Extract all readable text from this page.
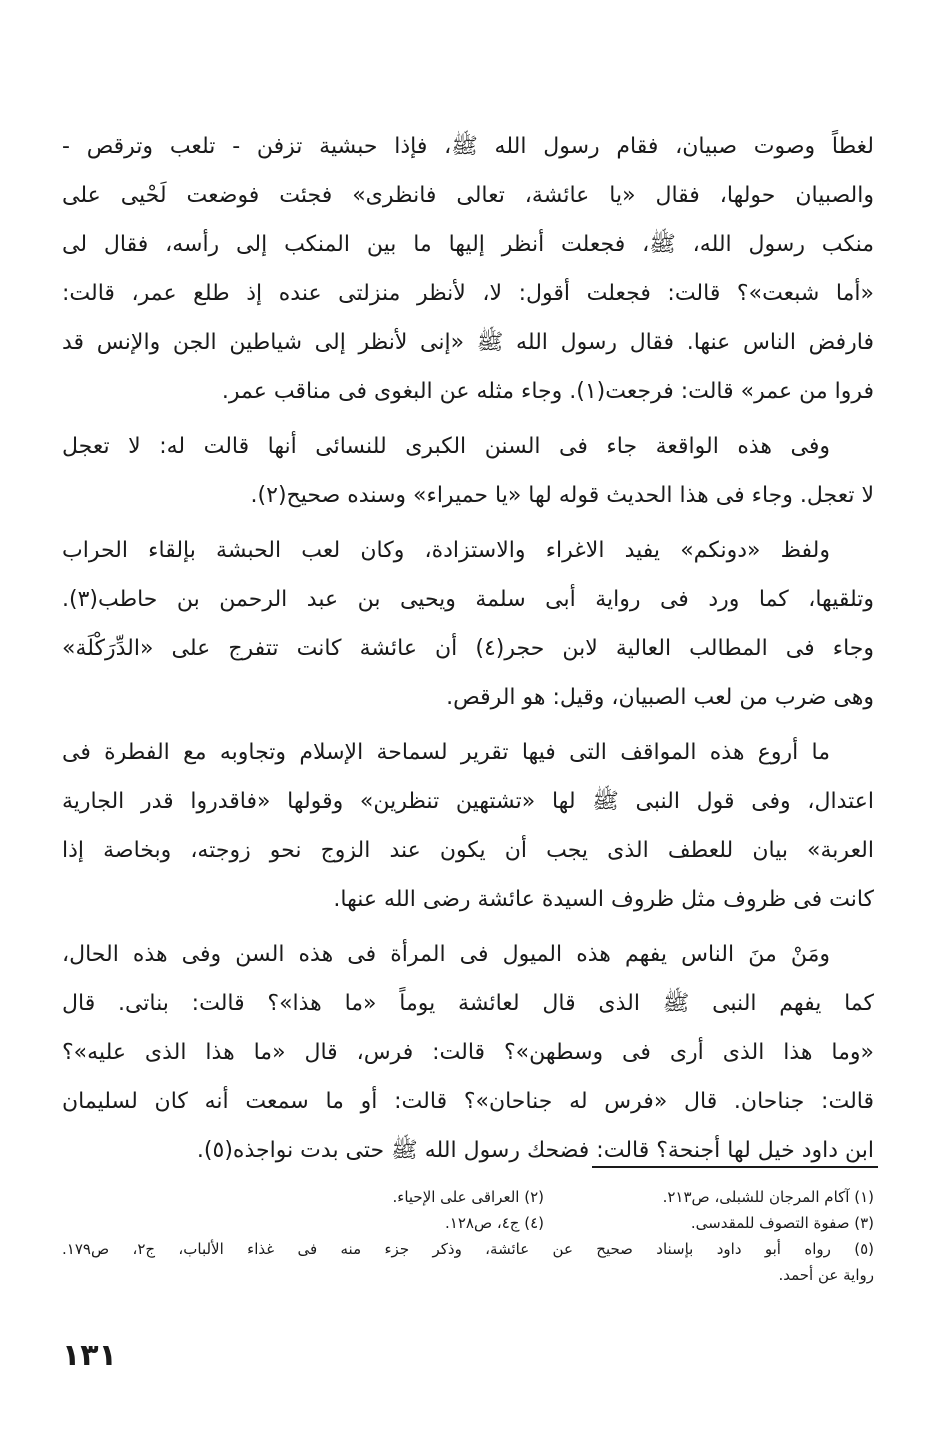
لغطاً وصوت صبيان، فقام رسول الله ﷺ، فإذا حبشية تزفن - تلعب وترقص -
والصبيان حولها، فقال «يا عائشة، تعالى فانظرى» فجئت فوضعت لَحْيى على
منكب رسول الله، ﷺ، فجعلت أنظر إليها ما بين المنكب إلى رأسه، فقال لى
«أما شبعت»؟ قالت: فجعلت أقول: لا، لأنظر منزلتى عنده إذ طلع عمر، قالت:
فارفض الناس عنها. فقال رسول الله ﷺ «إنى لأنظر إلى شياطين الجن والإنس قد
فروا من عمر» قالت: فرجعت(١). وجاء مثله عن البغوى فى مناقب عمر.

وفى هذه الواقعة جاء فى السنن الكبرى للنسائى أنها قالت له: لا تعجل
لا تعجل. وجاء فى هذا الحديث قوله لها «يا حميراء» وسنده صحيح(٢).

ولفظ «دونكم» يفيد الاغراء والاستزادة، وكان لعب الحبشة بإلقاء الحراب
وتلقيها، كما ورد فى رواية أبى سلمة ويحيى بن عبد الرحمن بن حاطب(٣).
وجاء فى المطالب العالية لابن حجر(٤) أن عائشة كانت تتفرج على «الدِّرَكْلَة»
وهى ضرب من لعب الصبيان، وقيل: هو الرقص.

ما أروع هذه المواقف التى فيها تقرير لسماحة الإسلام وتجاوبه مع الفطرة فى
اعتدال، وفى قول النبى ﷺ لها «تشتهين تنظرين» وقولها «فاقدروا قدر الجارية
العربة» بيان للعطف الذى يجب أن يكون عند الزوج نحو زوجته، وبخاصة إذا
كانت فى ظروف مثل ظروف السيدة عائشة رضى الله عنها.

ومَنْ منَ الناس يفهم هذه الميول فى المرأة فى هذه السن وفى هذه الحال،
كما يفهم النبى ﷺ الذى قال لعائشة يوماً «ما هذا»؟ قالت: بناتى. قال
«وما هذا الذى أرى فى وسطهن»؟ قالت: فرس، قال «ما هذا الذى عليه»؟
قالت: جناحان. قال «فرس له جناحان»؟ قالت: أو ما سمعت أنه كان لسليمان
ابن داود خيل لها أجنحة؟ قالت: فضحك رسول الله ﷺ حتى بدت نواجذه(٥).

(١) آكام المرجان للشبلى، ص٢١٣.
(٢) العراقى على الإحياء.
(٣) صفوة التصوف للمقدسى.
(٤) ج٤، ص١٢٨.
(٥) رواه أبو داود بإسناد صحيح عن عائشة، وذكر جزء منه فى غذاء الألباب، ج٢، ص١٧٩.
رواية عن أحمد.
١٣١
